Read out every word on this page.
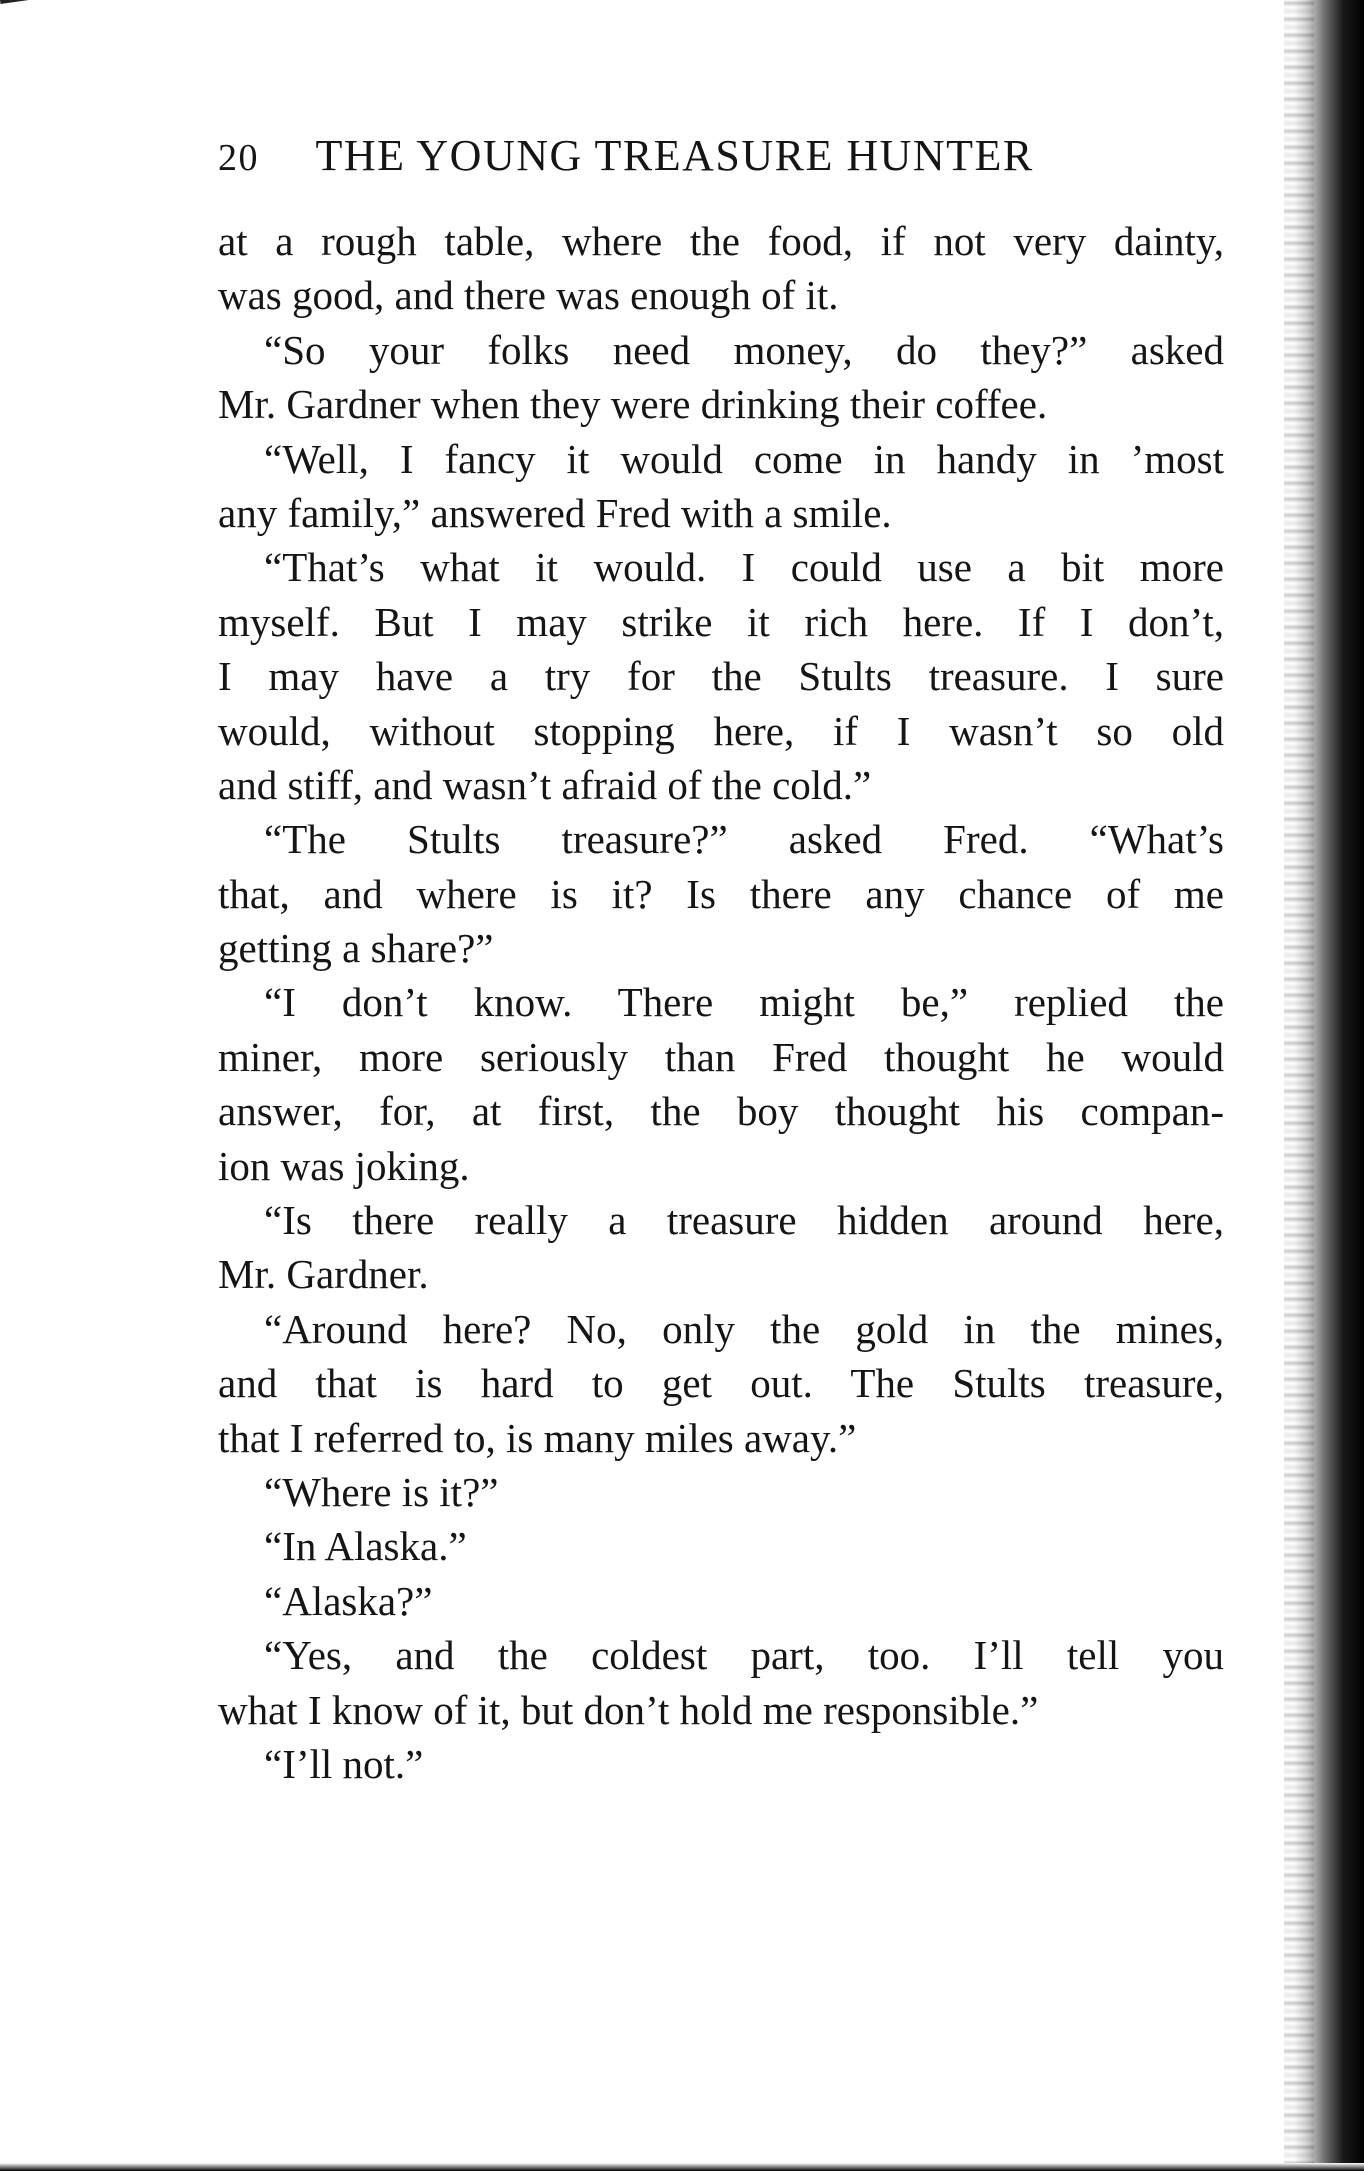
20 THE YOUNG TREASURE HUNTER
at a rough table, where the food, if not very dainty,
was good, and there was enough of it.
“So your folks need money, do they?” asked
Mr. Gardner when they were drinking their coffee.
“Well, I fancy it would come in handy in ’most
any family,” answered Fred with a smile.
“That’s what it would. I could use a bit more
myself. But I may strike it rich here. If I don’t,
I may have a try for the Stults treasure. I sure
would, without stopping here, if I wasn’t so old
and stiff, and wasn’t afraid of the cold.”
“The Stults treasure?” asked Fred. “What’s
that, and where is it? Is there any chance of me
getting a share?”
“I don’t know. There might be,” replied the
miner, more seriously than Fred thought he would
answer, for, at first, the boy thought his compan-
ion was joking.
“Is there really a treasure hidden around here,
Mr. Gardner.
“Around here? No, only the gold in the mines,
and that is hard to get out. The Stults treasure,
that I referred to, is many miles away.”
“Where is it?”
“In Alaska.”
“Alaska?”
“Yes, and the coldest part, too. I’ll tell you
what I know of it, but don’t hold me responsible.”
“I’ll not.”
